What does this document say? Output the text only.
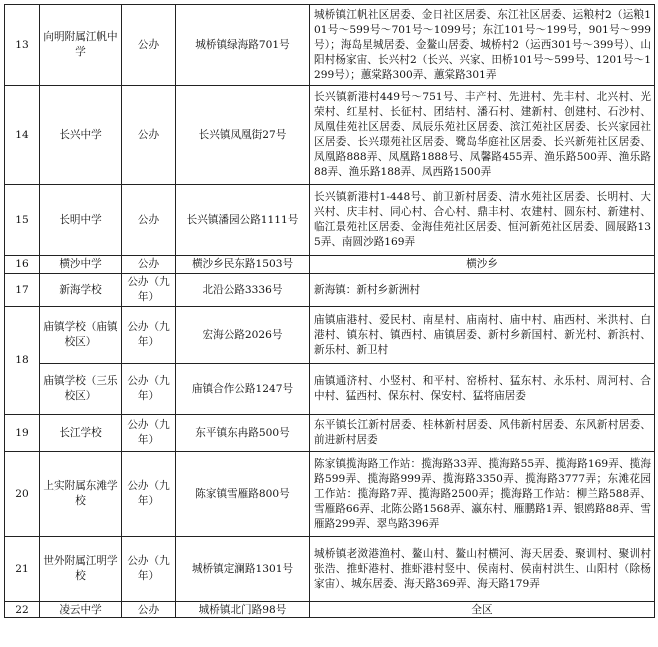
13	向明附属江帆中学	公办	城桥镇绿海路701号	城桥镇江帆社区居委、金日社区居委、东江社区居委、运粮村2（运粮101号～599号～701号～1099号；东江101号～199号，901号～999号）；海岛星城居委、金鳌山居委、城桥村2（运西301号～399号）、山阳村杨家宙、长兴村2（长兴、兴家、田桥101号～599号、1201号～1299号）；蕙棠路300弄、蕙棠路301弄
14	长兴中学	公办	长兴镇凤凰街27号	长兴镇新港村449号～751号、丰产村、先进村、先丰村、北兴村、光荣村、红星村、长征村、团结村、潘石村、建新村、创建村、石沙村、凤凰佳苑社区居委、凤辰乐苑社区居委、滨江苑社区居委、长兴家园社区居委、长兴璟苑社区居委、鹭岛华庭社区居委、长兴新苑社区居委、凤凰路888弄、凤凰路1888号、凤馨路455弄、渔乐路500弄、渔乐路88弄、渔乐路188弄、凤西路1500弄
15	长明中学	公办	长兴镇潘园公路1111号	长兴镇新港村1-448号、前卫新村居委、清水苑社区居委、长明村、大兴村、庆丰村、同心村、合心村、鼎丰村、农建村、圆东村、新建村、临江景苑社区居委、金海佳苑社区居委、恒河新苑社区居委、圆展路135弄、南圆沙路169弄
16	横沙中学	公办	横沙乡民东路1503号	横沙乡
17	新海学校	公办（九年）	北沿公路3336号	新海镇：新村乡新洲村
18	庙镇学校（庙镇校区）	公办（九年）	宏海公路2026号	庙镇庙港村、爱民村、南星村、庙南村、庙中村、庙西村、米洪村、白港村、镇东村、镇西村、庙镇居委、新村乡新国村、新光村、新浜村、新乐村、新卫村
	庙镇学校（三乐校区）	公办（九年）	庙镇合作公路1247号	庙镇通济村、小竖村、和平村、窑桥村、猛东村、永乐村、周河村、合中村、猛西村、保东村、保安村、猛将庙居委
19	长江学校	公办（九年）	东平镇东冉路500号	东平镇长江新村居委、桂林新村居委、风伟新村居委、东风新村居委、前进新村居委
20	上实附属东滩学校	公办（九年）	陈家镇雪雁路800号	陈家镇揽海路工作站：揽海路33弄、揽海路55弄、揽海路169弄、揽海路599弄、揽海路999弄、揽海路3350弄、揽海路3777弄；东滩花园工作站：揽海路7弄、揽海路2500弄；揽海路工作站：柳兰路588弄、雪雁路66弄、北陈公路1568弄、瀛东村、雁鹏路1弄、银鸥路88弄、雪雁路299弄、翠鸟路396弄
21	世外附属江明学校	公办（九年）	城桥镇定澜路1301号	城桥镇老滧港渔村、鳌山村、鳌山村横河、海天居委、聚训村、聚训村张浩、推虾港村、推虾港村竖中、侯南村、侯南村洪生、山阳村（除杨家宙）、城东居委、海天路369弄、海天路179弄
22	凌云中学	公办	城桥镇北门路98号	全区
